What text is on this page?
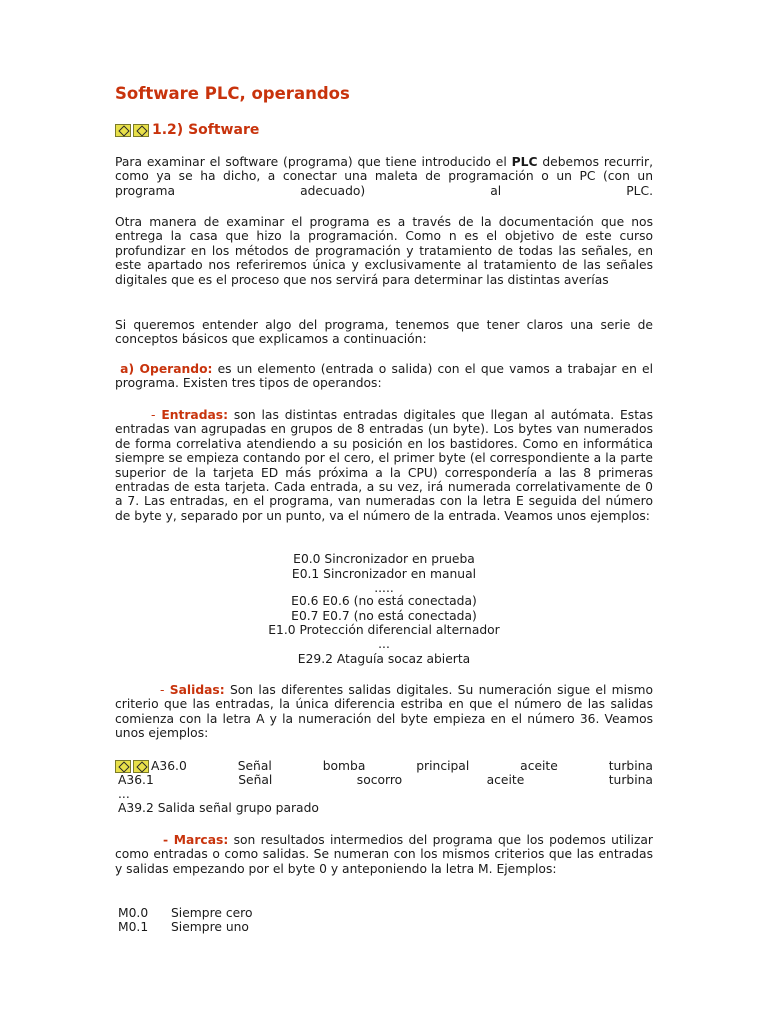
Software PLC, operandos
1.2) Software
Para examinar el software (programa) que tiene introducido el PLC debemos recurrir, como ya se ha dicho, a conectar una maleta de programación o un PC (con un programa adecuado) al PLC.
Otra manera de examinar el programa es a través de la documentación que nos entrega la casa que hizo la programación. Como n es el objetivo de este curso profundizar en los métodos de programación y tratamiento de todas las señales, en este apartado nos referiremos única y exclusivamente al tratamiento de las señales digitales que es el proceso que nos servirá para determinar las distintas averías
Si queremos entender algo del programa, tenemos que tener claros una serie de conceptos básicos que explicamos a continuación:
a) Operando: es un elemento (entrada o salida) con el que vamos a trabajar en el programa. Existen tres tipos de operandos:
- Entradas: son las distintas entradas digitales que llegan al autómata. Estas entradas van agrupadas en grupos de 8 entradas (un byte). Los bytes van numerados de forma correlativa atendiendo a su posición en los bastidores. Como en informática siempre se empieza contando por el cero, el primer byte (el correspondiente a la parte superior de la tarjeta ED más próxima a la CPU) correspondería a las 8 primeras entradas de esta tarjeta. Cada entrada, a su vez, irá numerada correlativamente de 0 a 7. Las entradas, en el programa, van numeradas con la letra E seguida del número de byte y, separado por un punto, va el número de la entrada. Veamos unos ejemplos:
E0.0 Sincronizador en prueba
E0.1 Sincronizador en manual
.....
E0.6 E0.6 (no está conectada)
E0.7 E0.7 (no está conectada)
E1.0 Protección diferencial alternador
...
E29.2 Ataguía socaz abierta
- Salidas: Son las diferentes salidas digitales. Su numeración sigue el mismo criterio que las entradas, la única diferencia estriba en que el número de las salidas comienza con la letra A y la numeración del byte empieza en el número 36. Veamos unos ejemplos:
A36.0	Señal	bomba	principal	aceite	turbina
A36.1	Señal	socorro	aceite	turbina
...
A39.2 Salida señal grupo parado
- Marcas: son resultados intermedios del programa que los podemos utilizar como entradas o como salidas. Se numeran con los mismos criterios que las entradas y salidas empezando por el byte 0 y anteponiendo la letra M. Ejemplos:
M0.0 Siempre cero
M0.1 Siempre uno
